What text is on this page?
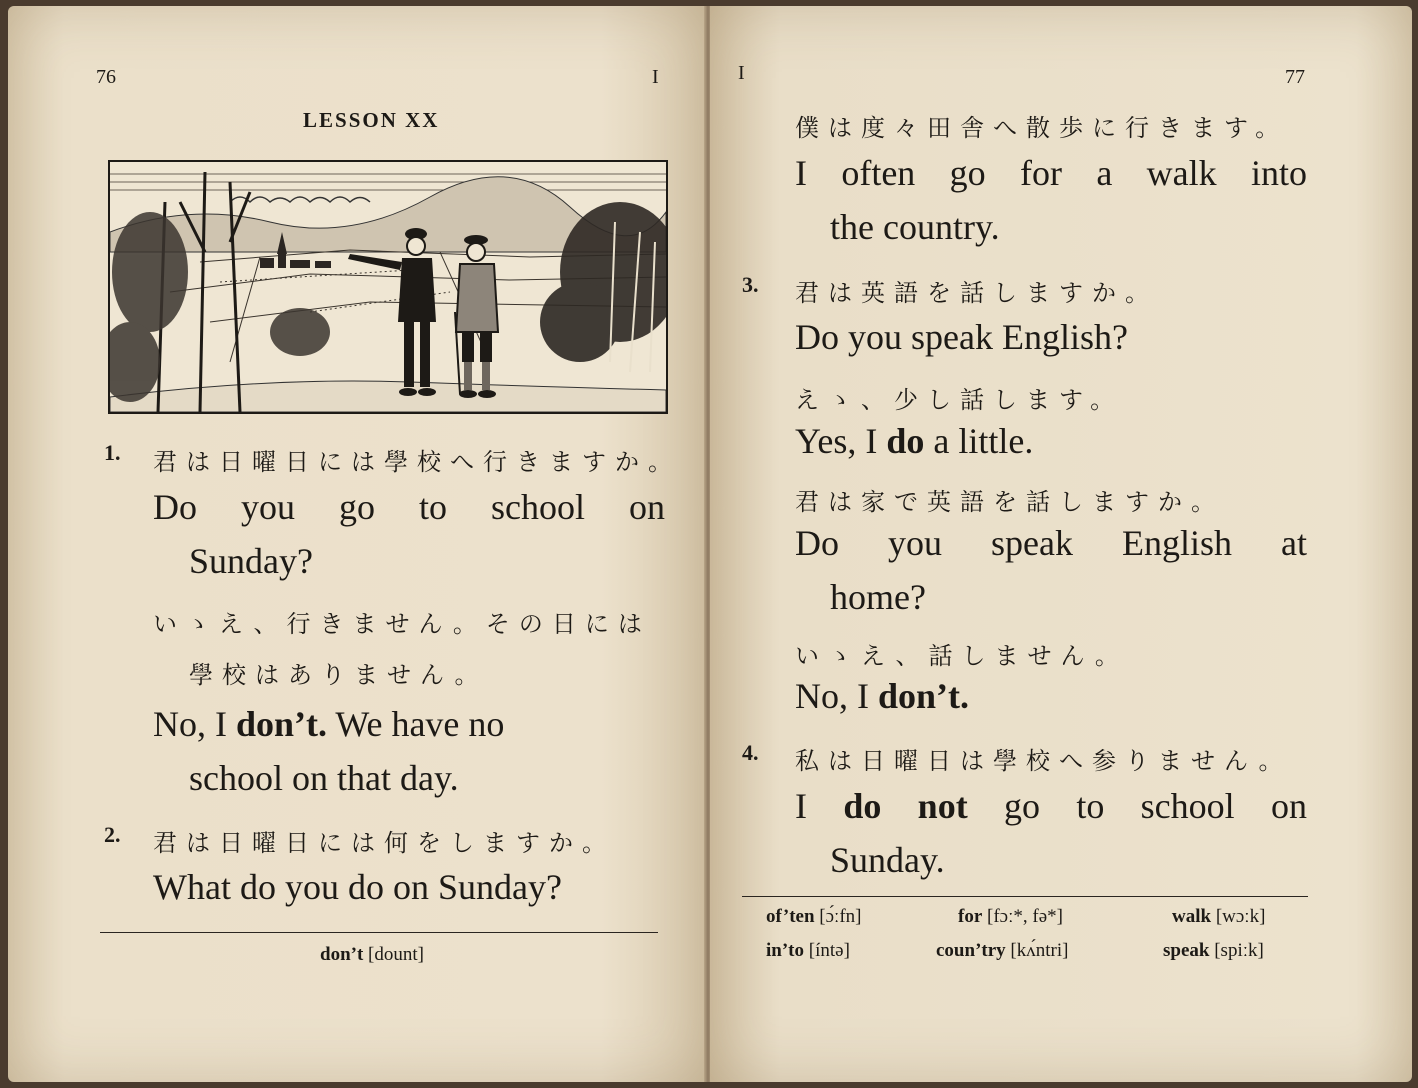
76	I
LESSON XX
1. 君は日曜日には學校へ行きますか。
Do you go to school on
Sunday?
いゝえ、行きません。その日には
學校はありません。
No, I don’t. We have no
school on that day.
2. 君は日曜日には何をしますか。
What do you do on Sunday?
don’t [dount]
I	77
僕は度々田舎へ散歩に行きます。
I often go for a walk into
the country.
3. 君は英語を話しますか。
Do you speak English?
えゝ、少し話します。
Yes, I do a little.
君は家で英語を話しますか。
Do you speak English at
home?
いゝえ、話しません。
No, I don’t.
4. 私は日曜日は學校へ参りません。
I do not go to school on
Sunday.
of’ten [ɔ́ːfn]	for [fɔː*, fə*]	walk [wɔːk]
in’to [íntə]	coun’try [kʌ́ntri]	speak [spiːk]
